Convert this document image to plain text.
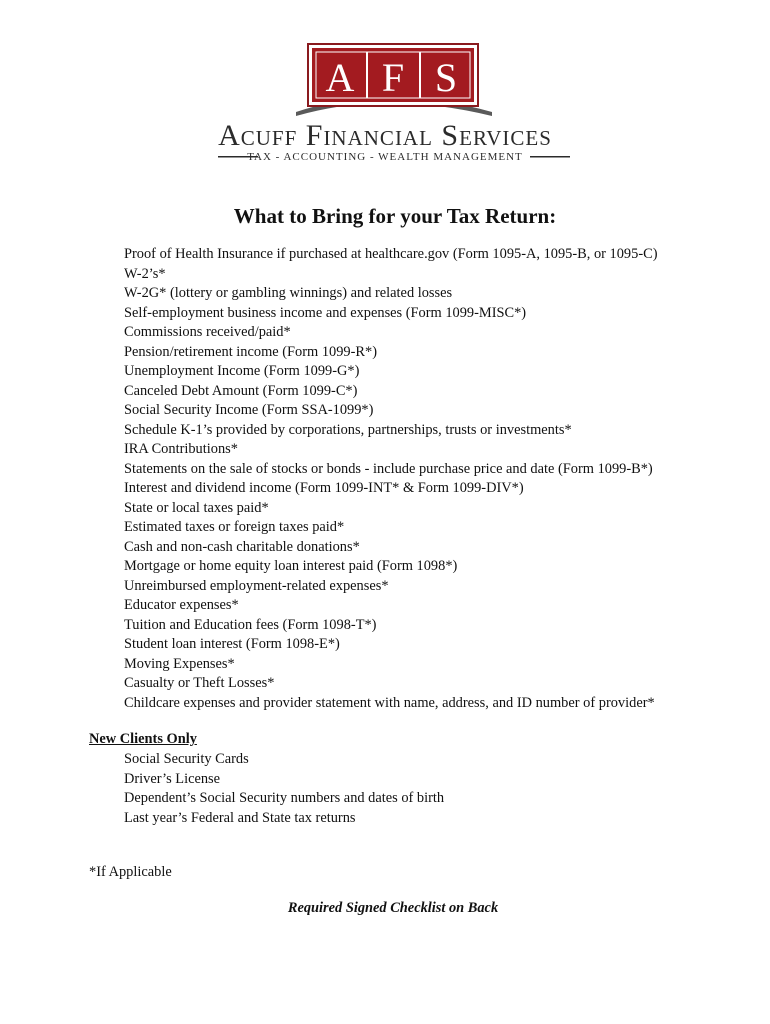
A F S
Acuff Financial Services
TAX - ACCOUNTING - WEALTH MANAGEMENT
What to Bring for your Tax Return:
Proof of Health Insurance if purchased at healthcare.gov (Form 1095-A, 1095-B, or 1095-C)
W-2’s*
W-2G* (lottery or gambling winnings) and related losses
Self-employment business income and expenses (Form 1099-MISC*)
Commissions received/paid*
Pension/retirement income (Form 1099-R*)
Unemployment Income (Form 1099-G*)
Canceled Debt Amount (Form 1099-C*)
Social Security Income (Form SSA-1099*)
Schedule K-1’s provided by corporations, partnerships, trusts or investments*
IRA Contributions*
Statements on the sale of stocks or bonds - include purchase price and date (Form 1099-B*)
Interest and dividend income (Form 1099-INT* & Form 1099-DIV*)
State or local taxes paid*
Estimated taxes or foreign taxes paid*
Cash and non-cash charitable donations*
Mortgage or home equity loan interest paid (Form 1098*)
Unreimbursed employment-related expenses*
Educator expenses*
Tuition and Education fees (Form 1098-T*)
Student loan interest (Form 1098-E*)
Moving Expenses*
Casualty or Theft Losses*
Childcare expenses and provider statement with name, address, and ID number of provider*
New Clients Only
Social Security Cards
Driver’s License
Dependent’s Social Security numbers and dates of birth
Last year’s Federal and State tax returns
*If Applicable
Required Signed Checklist on Back
